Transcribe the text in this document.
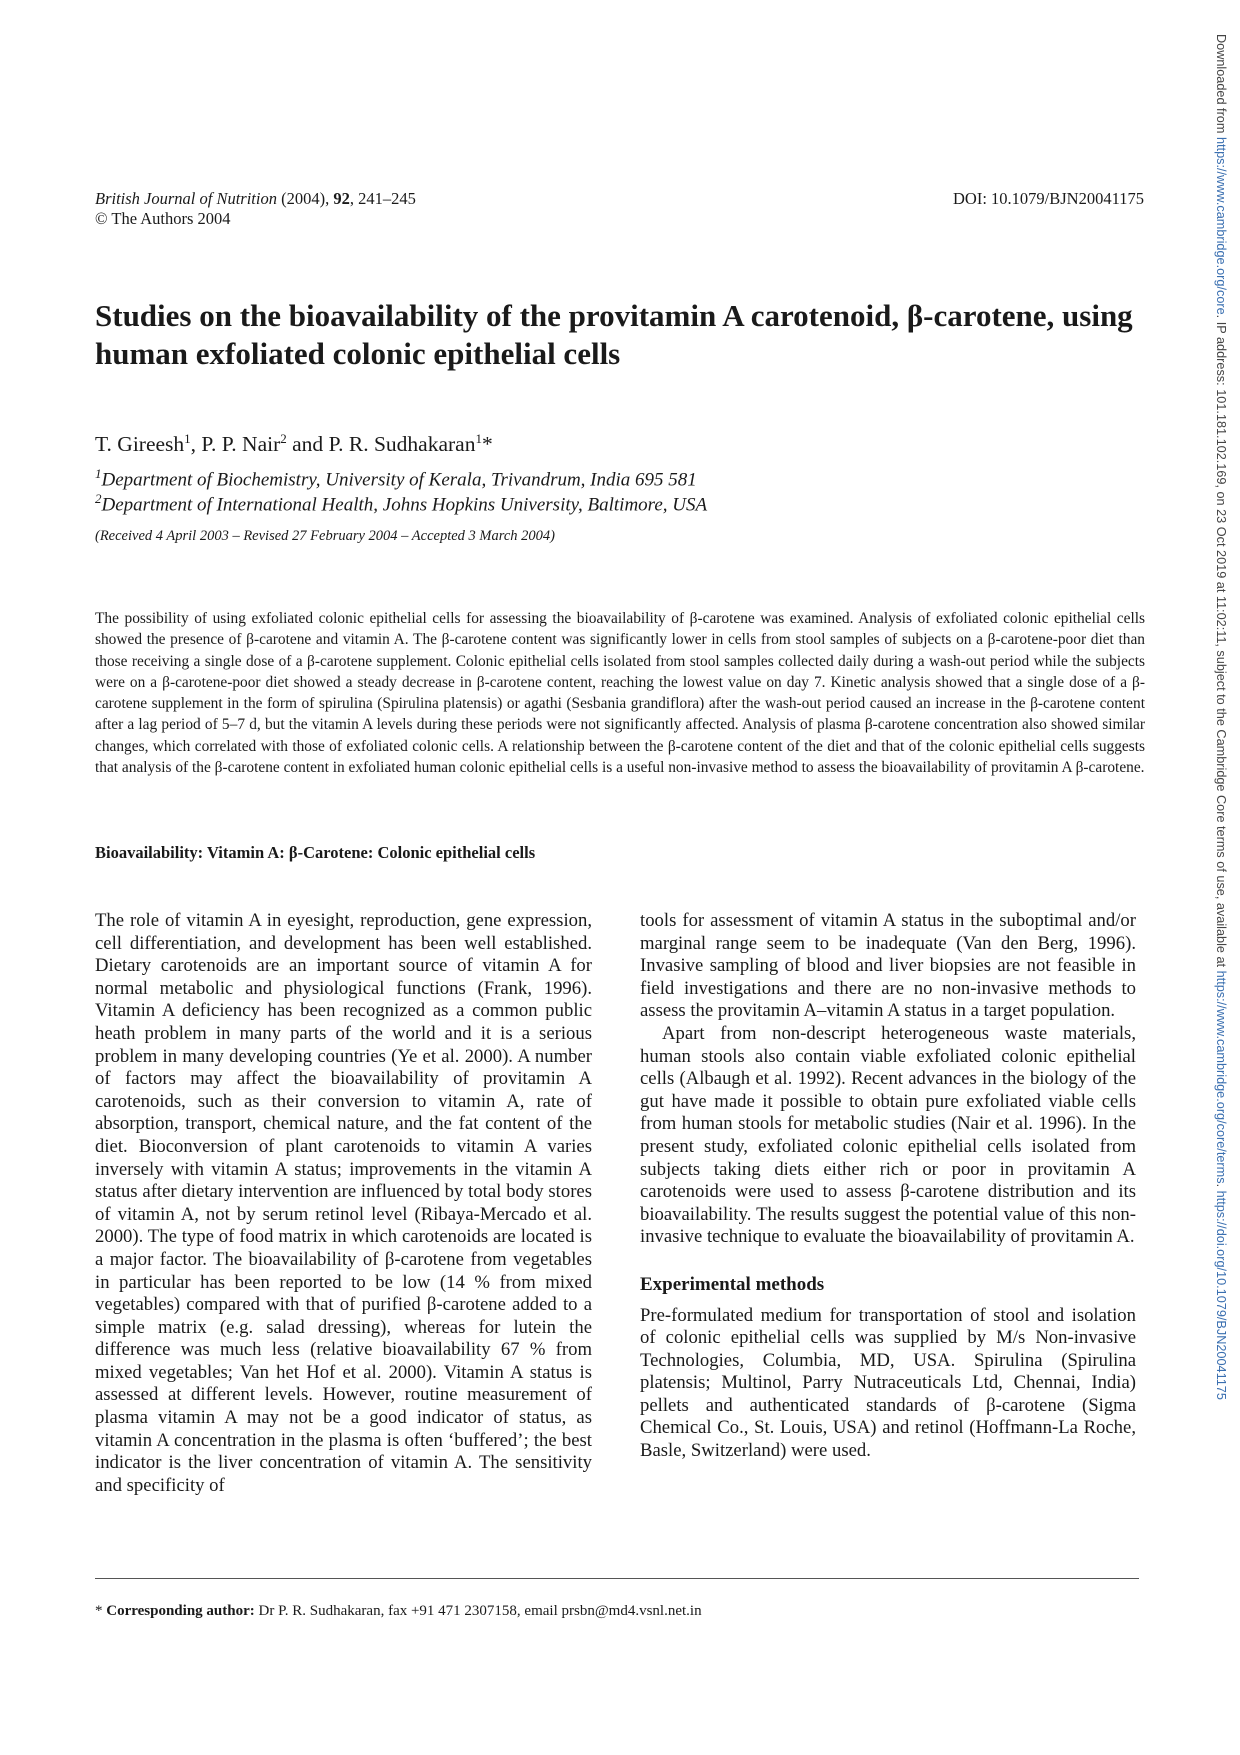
British Journal of Nutrition (2004), 92, 241–245
© The Authors 2004
DOI: 10.1079/BJN20041175
Studies on the bioavailability of the provitamin A carotenoid, β-carotene, using human exfoliated colonic epithelial cells
T. Gireesh$^1$, P. P. Nair$^2$ and P. R. Sudhakaran$^1$*
$^1$Department of Biochemistry, University of Kerala, Trivandrum, India 695 581
$^2$Department of International Health, Johns Hopkins University, Baltimore, USA
(Received 4 April 2003 – Revised 27 February 2004 – Accepted 3 March 2004)
The possibility of using exfoliated colonic epithelial cells for assessing the bioavailability of β-carotene was examined. Analysis of exfoliated colonic epithelial cells showed the presence of β-carotene and vitamin A. The β-carotene content was significantly lower in cells from stool samples of subjects on a β-carotene-poor diet than those receiving a single dose of a β-carotene supplement. Colonic epithelial cells isolated from stool samples collected daily during a wash-out period while the subjects were on a β-carotene-poor diet showed a steady decrease in β-carotene content, reaching the lowest value on day 7. Kinetic analysis showed that a single dose of a β-carotene supplement in the form of spirulina (Spirulina platensis) or agathi (Sesbania grandiflora) after the wash-out period caused an increase in the β-carotene content after a lag period of 5–7 d, but the vitamin A levels during these periods were not significantly affected. Analysis of plasma β-carotene concentration also showed similar changes, which correlated with those of exfoliated colonic cells. A relationship between the β-carotene content of the diet and that of the colonic epithelial cells suggests that analysis of the β-carotene content in exfoliated human colonic epithelial cells is a useful non-invasive method to assess the bioavailability of provitamin A β-carotene.
Bioavailability: Vitamin A: β-Carotene: Colonic epithelial cells

The role of vitamin A in eyesight, reproduction, gene expression, cell differentiation, and development has been well established. Dietary carotenoids are an important source of vitamin A for normal metabolic and physiological functions (Frank, 1996). Vitamin A deficiency has been recognized as a common public heath problem in many parts of the world and it is a serious problem in many developing countries (Ye et al. 2000). A number of factors may affect the bioavailability of provitamin A carotenoids, such as their conversion to vitamin A, rate of absorption, transport, chemical nature, and the fat content of the diet. Bioconversion of plant carotenoids to vitamin A varies inversely with vitamin A status; improvements in the vitamin A status after dietary intervention are influenced by total body stores of vitamin A, not by serum retinol level (Ribaya-Mercado et al. 2000). The type of food matrix in which carotenoids are located is a major factor. The bioavailability of β-carotene from vegetables in particular has been reported to be low (14 % from mixed vegetables) compared with that of purified β-carotene added to a simple matrix (e.g. salad dressing), whereas for lutein the difference was much less (relative bioavailability 67 % from mixed vegetables; Van het Hof et al. 2000). Vitamin A status is assessed at different levels. However, routine measurement of plasma vitamin A may not be a good indicator of status, as vitamin A concentration in the plasma is often ‘buffered’; the best indicator is the liver concentration of vitamin A. The sensitivity and specificity of

tools for assessment of vitamin A status in the suboptimal and/or marginal range seem to be inadequate (Van den Berg, 1996). Invasive sampling of blood and liver biopsies are not feasible in field investigations and there are no non-invasive methods to assess the provitamin A–vitamin A status in a target population.

Apart from non-descript heterogeneous waste materials, human stools also contain viable exfoliated colonic epithelial cells (Albaugh et al. 1992). Recent advances in the biology of the gut have made it possible to obtain pure exfoliated viable cells from human stools for metabolic studies (Nair et al. 1996). In the present study, exfoliated colonic epithelial cells isolated from subjects taking diets either rich or poor in provitamin A carotenoids were used to assess β-carotene distribution and its bioavailability. The results suggest the potential value of this non-invasive technique to evaluate the bioavailability of provitamin A.

Experimental methods

Pre-formulated medium for transportation of stool and isolation of colonic epithelial cells was supplied by M/s Non-invasive Technologies, Columbia, MD, USA. Spirulina (Spirulina platensis; Multinol, Parry Nutraceuticals Ltd, Chennai, India) pellets and authenticated standards of β-carotene (Sigma Chemical Co., St. Louis, USA) and retinol (Hoffmann-La Roche, Basle, Switzerland) were used.

* Corresponding author: Dr P. R. Sudhakaran, fax +91 471 2307158, email prsbn@md4.vsnl.net.in
Downloaded from https://www.cambridge.org/core. IP address: 101.181.102.169, on 23 Oct 2019 at 11:02:11, subject to the Cambridge Core terms of use, available at https://www.cambridge.org/core/terms. https://doi.org/10.1079/BJN20041175
